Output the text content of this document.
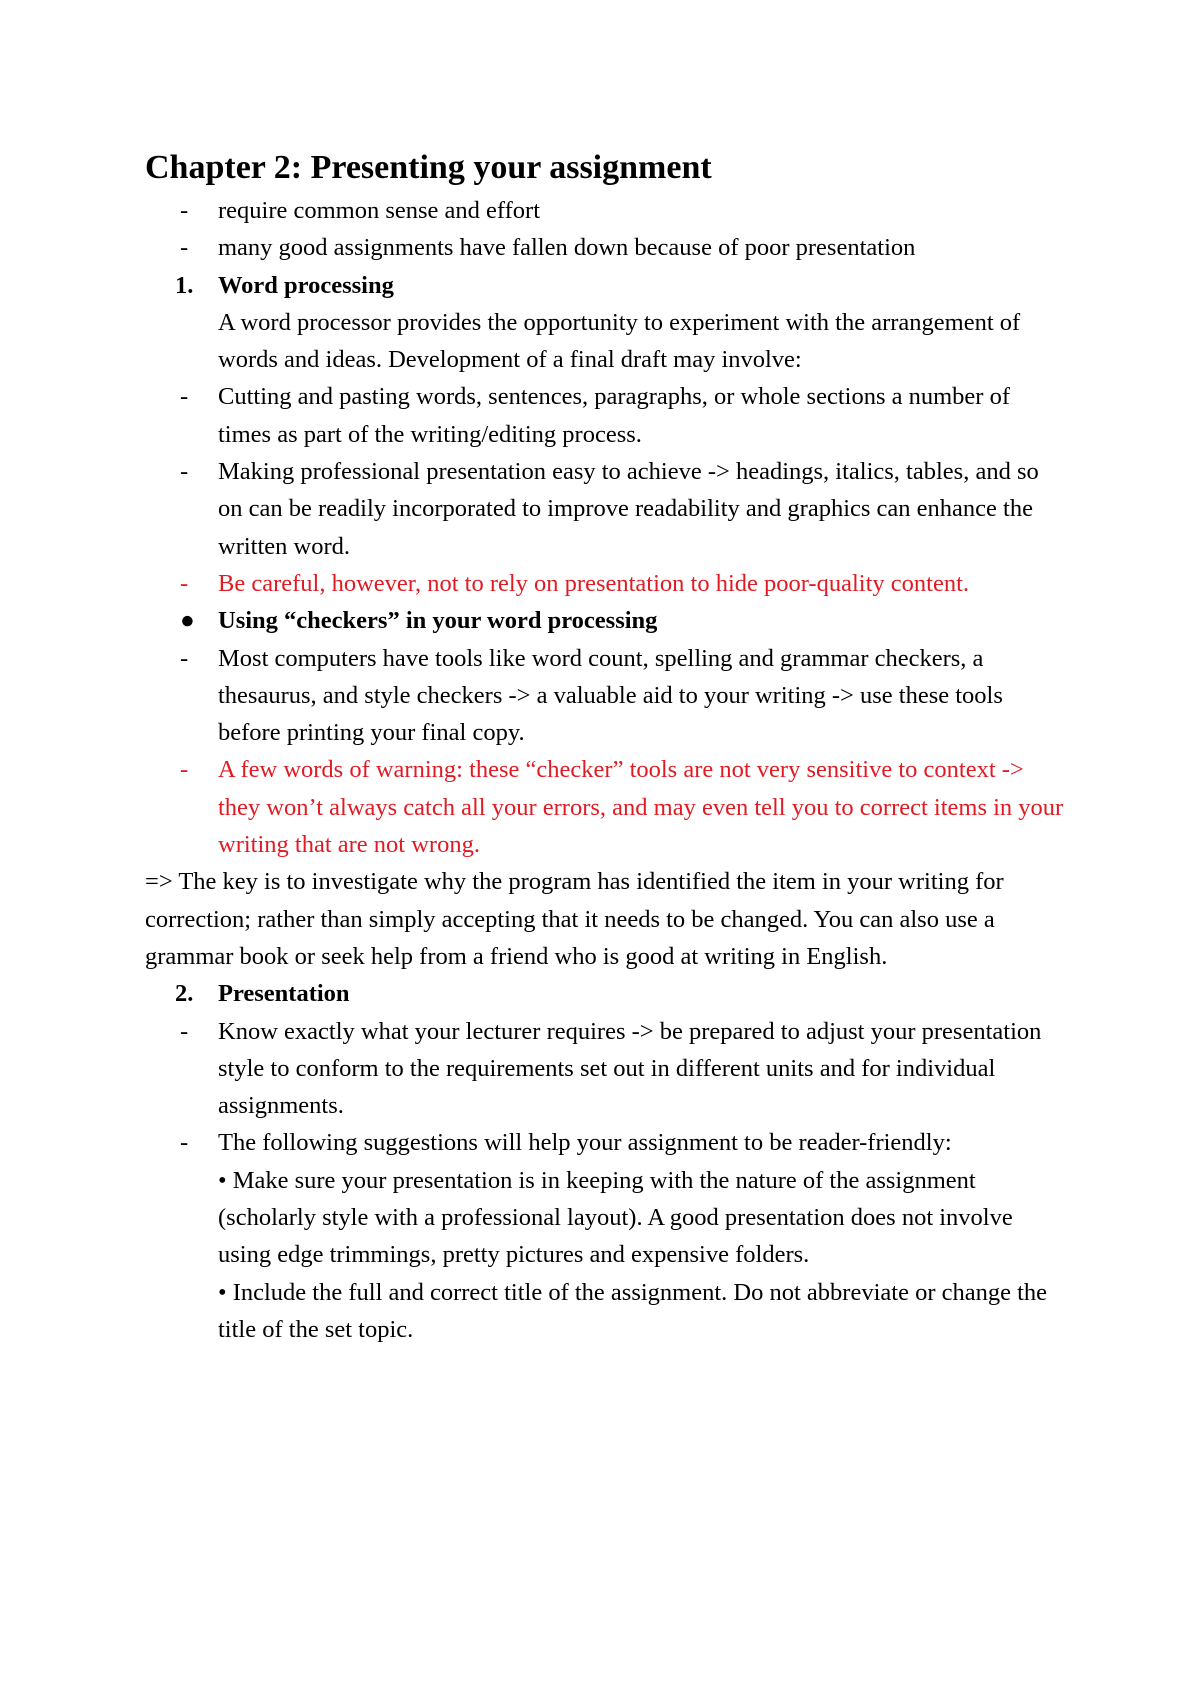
Chapter 2: Presenting your assignment
- require common sense and effort
- many good assignments have fallen down because of poor presentation
1. Word processing
A word processor provides the opportunity to experiment with the arrangement of words and ideas. Development of a final draft may involve:
- Cutting and pasting words, sentences, paragraphs, or whole sections a number of times as part of the writing/editing process.
- Making professional presentation easy to achieve -> headings, italics, tables, and so on can be readily incorporated to improve readability and graphics can enhance the written word.
- Be careful, however, not to rely on presentation to hide poor-quality content.
● Using “checkers” in your word processing
- Most computers have tools like word count, spelling and grammar checkers, a thesaurus, and style checkers -> a valuable aid to your writing -> use these tools before printing your final copy.
- A few words of warning: these “checker” tools are not very sensitive to context -> they won’t always catch all your errors, and may even tell you to correct items in your writing that are not wrong.
=> The key is to investigate why the program has identified the item in your writing for correction; rather than simply accepting that it needs to be changed. You can also use a grammar book or seek help from a friend who is good at writing in English.
2. Presentation
- Know exactly what your lecturer requires -> be prepared to adjust your presentation style to conform to the requirements set out in different units and for individual assignments.
- The following suggestions will help your assignment to be reader-friendly:
• Make sure your presentation is in keeping with the nature of the assignment (scholarly style with a professional layout). A good presentation does not involve using edge trimmings, pretty pictures and expensive folders.
• Include the full and correct title of the assignment. Do not abbreviate or change the title of the set topic.
